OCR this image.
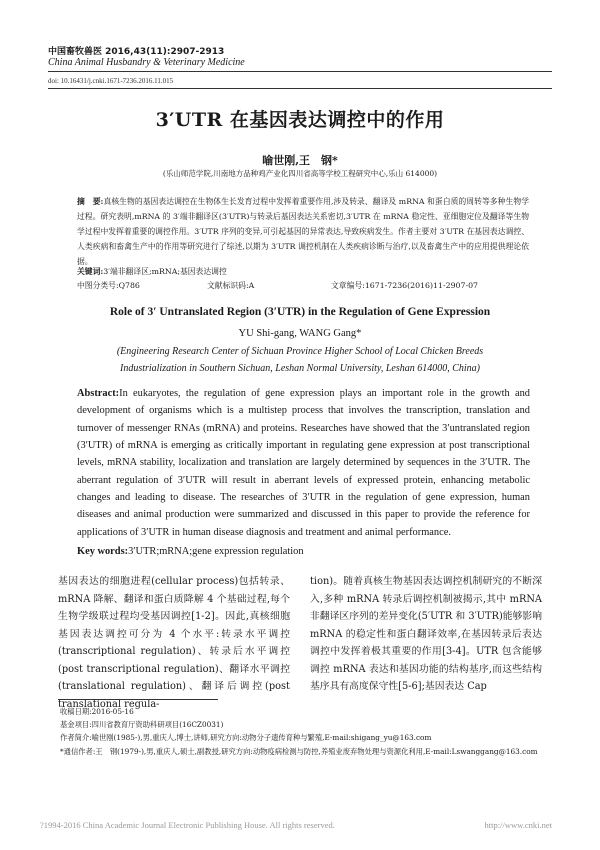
中国畜牧兽医 2016,43(11):2907-2913
China Animal Husbandry & Veterinary Medicine
doi: 10.16431/j.cnki.1671-7236.2016.11.015
3′UTR 在基因表达调控中的作用
喻世刚,王　钢*
(乐山师范学院,川南地方品种鸡产业化四川省高等学校工程研究中心,乐山 614000)
摘　要:真核生物的基因表达调控在生物体生长发育过程中发挥着重要作用,涉及转录、翻译及 mRNA 和蛋白质的周转等多种生物学过程。研究表明,mRNA 的 3′端非翻译区(3′UTR)与转录后基因表达关系密切,3′UTR 在 mRNA 稳定性、亚细胞定位及翻译等生物学过程中发挥着重要的调控作用。3′UTR 序列的变异,可引起基因的异常表达,导致疾病发生。作者主要对 3′UTR 在基因表达调控、人类疾病和畜禽生产中的作用等研究进行了综述,以期为 3′UTR 调控机制在人类疾病诊断与治疗,以及畜禽生产中的应用提供理论依据。
关键词:3′端非翻译区;mRNA;基因表达调控
中图分类号:Q786	文献标识码:A	文章编号:1671-7236(2016)11-2907-07
Role of 3′ Untranslated Region (3′UTR) in the Regulation of Gene Expression
YU Shi-gang, WANG Gang*
(Engineering Research Center of Sichuan Province Higher School of Local Chicken Breeds
Industrialization in Southern Sichuan, Leshan Normal University, Leshan 614000, China)
Abstract:In eukaryotes, the regulation of gene expression plays an important role in the growth and development of organisms which is a multistep process that involves the transcription, translation and turnover of messenger RNAs (mRNA) and proteins. Researches have showed that the 3′untranslated region (3′UTR) of mRNA is emerging as critically important in regulating gene expression at post transcriptional levels, mRNA stability, localization and translation are largely determined by sequences in the 3′UTR. The aberrant regulation of 3′UTR will result in aberrant levels of expressed protein, enhancing metabolic changes and leading to disease. The researches of 3′UTR in the regulation of gene expression, human diseases and animal production were summarized and discussed in this paper to provide the reference for applications of 3′UTR in human disease diagnosis and treatment and animal performance.
Key words:3′UTR;mRNA;gene expression regulation
基因表达的细胞进程(cellular process)包括转录、mRNA 降解、翻译和蛋白质降解 4 个基础过程,每个生物学级联过程均受基因调控[1-2]。因此,真核细胞基因表达调控可分为 4 个水平:转录水平调控(transcriptional regulation)、转录后水平调控(post transcriptional regulation)、翻译水平调控(translational regulation)、翻译后调控(post translational regula-
tion)。随着真核生物基因表达调控机制研究的不断深入,多种 mRNA 转录后调控机制被揭示,其中 mRNA非翻译区序列的差异变化(5′UTR 和 3′UTR)能够影响 mRNA 的稳定性和蛋白翻译效率,在基因转录后表达调控中发挥着极其重要的作用[3-4]。UTR 包含能够调控 mRNA 表达和基因功能的结构基序,而这些结构基序具有高度保守性[5-6];基因表达 Cap
收稿日期:2016-05-16
基金项目:四川省教育厅资助科研项目(16CZ0031)
作者简介:喻世刚(1985-),男,重庆人,博士,讲师,研究方向:动物分子遗传育种与繁殖,E-mail:shigang_yu@163.com
*通信作者:王　钢(1979-),男,重庆人,硕士,副教授,研究方向:动物疫病检测与防控,养殖业废弃物处理与资源化利用,E-mail:Lswanggang@163.com
?1994-2016 China Academic Journal Electronic Publishing House. All rights reserved.	http://www.cnki.net
